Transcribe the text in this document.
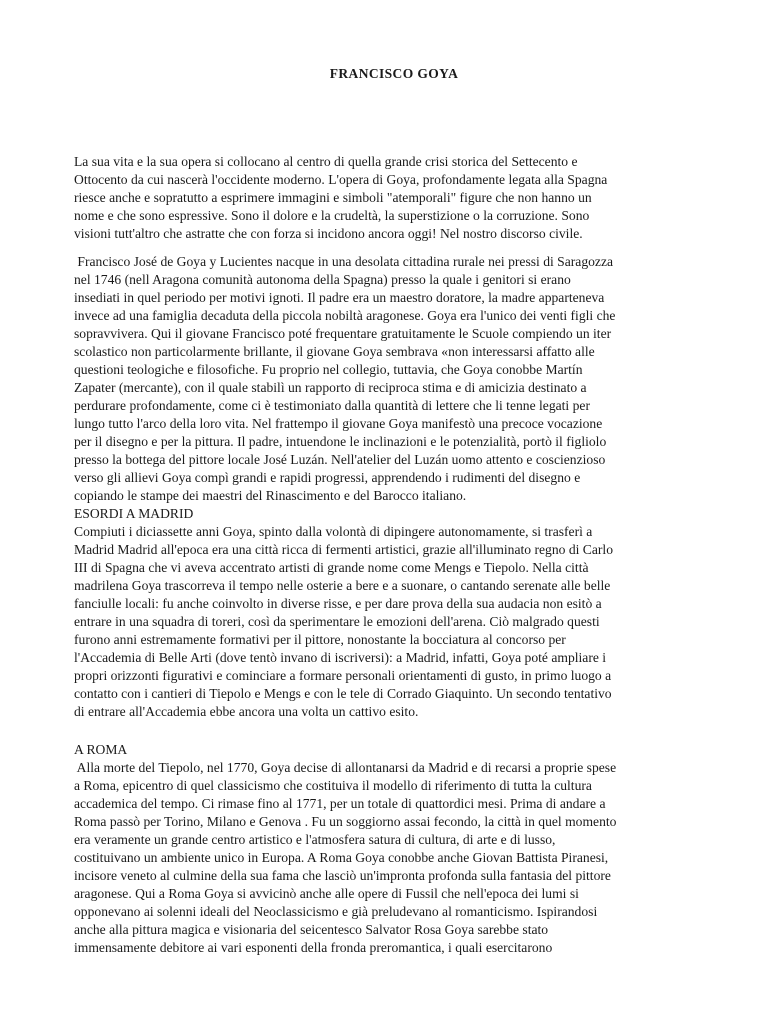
FRANCISCO GOYA
La sua vita e la sua opera si collocano al centro di quella grande crisi storica del Settecento e
Ottocento da cui nascerà l'occidente moderno. L'opera di Goya, profondamente legata alla Spagna
riesce anche e sopratutto a esprimere immagini e simboli "atemporali" figure che non hanno un
nome e che sono espressive. Sono il dolore e la crudeltà, la superstizione o la corruzione. Sono
visioni tutt'altro che astratte che con forza si incidono ancora oggi! Nel nostro discorso civile.
Francisco José de Goya y Lucientes nacque in una desolata cittadina rurale nei pressi di Saragozza
nel 1746 (nell Aragona comunità autonoma della Spagna) presso la quale i genitori si erano
insediati in quel periodo per motivi ignoti. Il padre era un maestro doratore, la madre apparteneva
invece ad una famiglia decaduta della piccola nobiltà aragonese. Goya era l'unico dei venti figli che
sopravvivera. Qui il giovane Francisco poté frequentare gratuitamente le Scuole compiendo un iter
scolastico non particolarmente brillante, il giovane Goya sembrava «non interessarsi affatto alle
questioni teologiche e filosofiche. Fu proprio nel collegio, tuttavia, che Goya conobbe Martín
Zapater (mercante), con il quale stabilì un rapporto di reciproca stima e di amicizia destinato a
perdurare profondamente, come ci è testimoniato dalla quantità di lettere che li tenne legati per
lungo tutto l'arco della loro vita. Nel frattempo il giovane Goya manifestò una precoce vocazione
per il disegno e per la pittura. Il padre, intuendone le inclinazioni e le potenzialità, portò il figliolo
presso la bottega del pittore locale José Luzán. Nell'atelier del Luzán uomo attento e coscienzioso
verso gli allievi Goya compì grandi e rapidi progressi, apprendendo i rudimenti del disegno e
copiando le stampe dei maestri del Rinascimento e del Barocco italiano.
ESORDI A MADRID
Compiuti i diciassette anni Goya, spinto dalla volontà di dipingere autonomamente, si trasferì a
Madrid Madrid all'epoca era una città ricca di fermenti artistici, grazie all'illuminato regno di Carlo
III di Spagna che vi aveva accentrato artisti di grande nome come Mengs e Tiepolo. Nella città
madrilena Goya trascorreva il tempo nelle osterie a bere e a suonare, o cantando serenate alle belle
fanciulle locali: fu anche coinvolto in diverse risse, e per dare prova della sua audacia non esitò a
entrare in una squadra di toreri, così da sperimentare le emozioni dell'arena. Ciò malgrado questi
furono anni estremamente formativi per il pittore, nonostante la bocciatura al concorso per
l'Accademia di Belle Arti (dove tentò invano di iscriversi): a Madrid, infatti, Goya poté ampliare i
propri orizzonti figurativi e cominciare a formare personali orientamenti di gusto, in primo luogo a
contatto con i cantieri di Tiepolo e Mengs e con le tele di Corrado Giaquinto. Un secondo tentativo
di entrare all'Accademia ebbe ancora una volta un cattivo esito.
A ROMA
Alla morte del Tiepolo, nel 1770, Goya decise di allontanarsi da Madrid e di recarsi a proprie spese
a Roma, epicentro di quel classicismo che costituiva il modello di riferimento di tutta la cultura
accademica del tempo. Ci rimase fino al 1771, per un totale di quattordici mesi. Prima di andare a
Roma passò per Torino, Milano e Genova . Fu un soggiorno assai fecondo, la città in quel momento
era veramente un grande centro artistico e l'atmosfera satura di cultura, di arte e di lusso,
costituivano un ambiente unico in Europa. A Roma Goya conobbe anche Giovan Battista Piranesi,
incisore veneto al culmine della sua fama che lasciò un'impronta profonda sulla fantasia del pittore
aragonese. Qui a Roma Goya si avvicinò anche alle opere di Fussil che nell'epoca dei lumi si
opponevano ai solenni ideali del Neoclassicismo e già preludevano al romanticismo. Ispirandosi
anche alla pittura magica e visionaria del seicentesco Salvator Rosa Goya sarebbe stato
immensamente debitore ai vari esponenti della fronda preromantica, i quali esercitarono
